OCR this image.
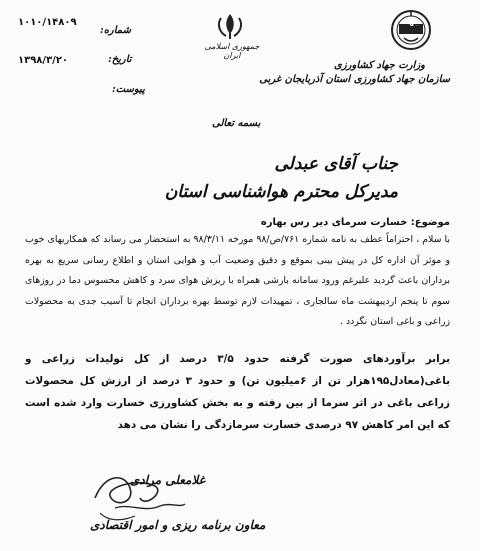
جهاد
وزارت جهاد کشاورزی
سازمان جهاد کشاورزی استان آذربایجان غربی
جمهوری اسلامی ایران
شماره:
۱۰۱۰/۱۴۸۰۹
تاریخ:
۱۳۹۸/۳/۲۰
پیوست:
بسمه تعالی
جناب آقای عبدلی
مدیرکل محترم هواشناسی استان
موضوع: خسارت سرمای دیر رس بهاره
با سلام ، احتراماً عطف به نامه شماره ۷۶۱/ص/۹۸ مورخه ۹۸/۳/۱۱ به استحضار می رساند که همکاریهای خوب و موثر آن اداره کل در پیش بینی بموقع و دقیق وضعیت آب و هوایی استان و اطلاع رسانی سریع به بهره برداران باعث گردید علیرغم ورود سامانه بارشی همراه با ریزش هوای سرد و کاهش محسوس دما در روزهای سوم تا پنجم اردیبهشت ماه سالجاری ، تمهیدات لازم توسط بهره برداران انجام تا آسیب جدی به محصولات زراعی و باغی استان نگردد .
برابر برآوردهای صورت گرفته حدود ۳/۵ درصد از کل تولیدات زراعی و باغی(معادل۱۹۵هزار تن از ۶میلیون تن) و حدود ۳ درصد از ارزش کل محصولات زراعی باغی در اثر سرما از بین رفته و به بخش کشاورزی خسارت وارد شده است که این امر کاهش ۹۷ درصدی خسارت سرمازدگی را نشان می دهد
غلامعلی مرادی
معاون برنامه ریزی و امور اقتصادی
